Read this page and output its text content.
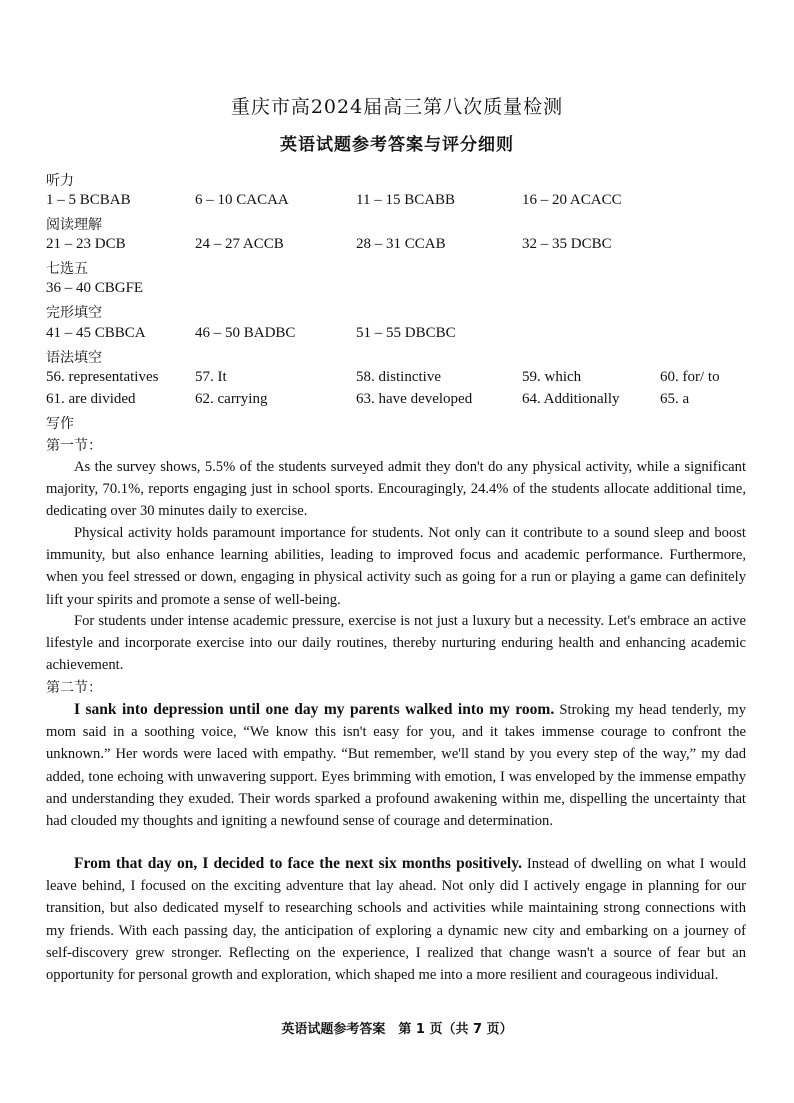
重庆市高2024届高三第八次质量检测
英语试题参考答案与评分细则
听力
1 – 5 BCBAB	6 – 10 CACAA	11 – 15 BCABB	16 – 20 ACACC
阅读理解
21 – 23 DCB	24 – 27 ACCB	28 – 31 CCAB	32 – 35 DCBC
七选五
36 – 40 CBGFE
完形填空
41 – 45 CBBCA	46 – 50 BADBC	51 – 55 DBCBC
语法填空
56. representatives 57. It	58. distinctive	59. which	60. for/ to
61. are divided	62. carrying	63. have developed	64. Additionally	65. a
写作
第一节：

As the survey shows, 5.5% of the students surveyed admit they don't do any physical activity, while a significant majority, 70.1%, reports engaging just in school sports. Encouragingly, 24.4% of the students allocate additional time, dedicating over 30 minutes daily to exercise.

Physical activity holds paramount importance for students. Not only can it contribute to a sound sleep and boost immunity, but also enhance learning abilities, leading to improved focus and academic performance. Furthermore, when you feel stressed or down, engaging in physical activity such as going for a run or playing a game can definitely lift your spirits and promote a sense of well-being.

For students under intense academic pressure, exercise is not just a luxury but a necessity. Let's embrace an active lifestyle and incorporate exercise into our daily routines, thereby nurturing enduring health and enhancing academic achievement.

第二节：

I sank into depression until one day my parents walked into my room. Stroking my head tenderly, my mom said in a soothing voice, “We know this isn't easy for you, and it takes immense courage to confront the unknown.” Her words were laced with empathy. “But remember, we'll stand by you every step of the way,” my dad added, tone echoing with unwavering support. Eyes brimming with emotion, I was enveloped by the immense empathy and understanding they exuded. Their words sparked a profound awakening within me, dispelling the uncertainty that had clouded my thoughts and igniting a newfound sense of courage and determination.

From that day on, I decided to face the next six months positively. Instead of dwelling on what I would leave behind, I focused on the exciting adventure that lay ahead. Not only did I actively engage in planning for our transition, but also dedicated myself to researching schools and activities while maintaining strong connections with my friends. With each passing day, the anticipation of exploring a dynamic new city and embarking on a journey of self-discovery grew stronger. Reflecting on the experience, I realized that change wasn't a source of fear but an opportunity for personal growth and exploration, which shaped me into a more resilient and courageous individual.

英语试题参考答案　第 1 页（共 7 页）
